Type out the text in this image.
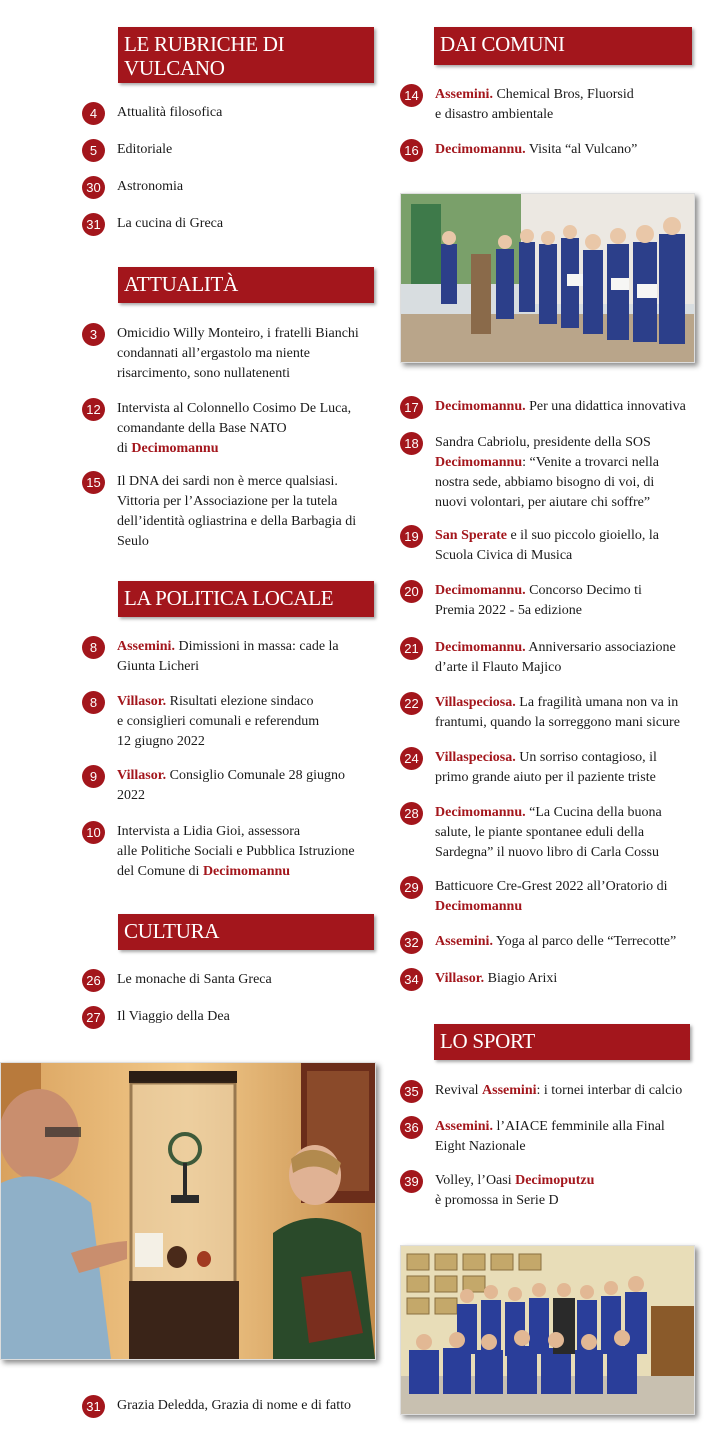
LE RUBRICHE DI VULCANO
ATTUALITÀ
LA POLITICA LOCALE
CULTURA
DAI COMUNI
LO SPORT
4	Attualità filosofica
5	Editoriale
30	Astronomia
31	La cucina di Greca
3	Omicidio Willy Monteiro, i fratelli Bianchi
condannati all’ergastolo ma niente
risarcimento, sono nullatenenti
12	Intervista al Colonnello Cosimo De Luca,
comandante della Base NATO
di Decimomannu
15	Il DNA dei sardi non è merce qualsiasi.
Vittoria per l’Associazione per la tutela
dell’identità ogliastrina e della Barbagia di
Seulo
8	Assemini. Dimissioni in massa: cade la
Giunta Licheri
8	Villasor. Risultati elezione sindaco
e consiglieri comunali e referendum
12 giugno 2022
9	Villasor. Consiglio Comunale 28 giugno
2022
10	Intervista a Lidia Gioi, assessora
alle Politiche Sociali e Pubblica Istruzione
del Comune di Decimomannu
26	Le monache di Santa Greca
27	Il Viaggio della Dea
31	Grazia Deledda, Grazia di nome e di fatto
14	Assemini. Chemical Bros, Fluorsid
e disastro ambientale
16	Decimomannu. Visita “al Vulcano”
17	Decimomannu. Per una didattica innovativa
18	Sandra Cabriolu, presidente della SOS
Decimomannu: “Venite a trovarci nella
nostra sede, abbiamo bisogno di voi, di
nuovi volontari, per aiutare chi soffre”
19	San Sperate e il suo piccolo gioiello, la
Scuola Civica di Musica
20	Decimomannu. Concorso Decimo ti
Premia 2022 - 5a edizione
21	Decimomannu. Anniversario associazione
d’arte il Flauto Majico
22	Villaspeciosa. La fragilità umana non va in
frantumi, quando la sorreggono mani sicure
24	Villaspeciosa. Un sorriso contagioso, il
primo grande aiuto per il paziente triste
28	Decimomannu. “La Cucina della buona
salute, le piante spontanee eduli della
Sardegna” il nuovo libro di Carla Cossu
29	Batticuore Cre-Grest 2022 all’Oratorio di
Decimomannu
32	Assemini. Yoga al parco delle “Terrecotte”
34	Villasor. Biagio Arixi
35	Revival Assemini: i tornei interbar di calcio
36	Assemini. l’AIACE femminile alla Final
Eight Nazionale
39	Volley, l’Oasi Decimoputzu
è promossa in Serie D
